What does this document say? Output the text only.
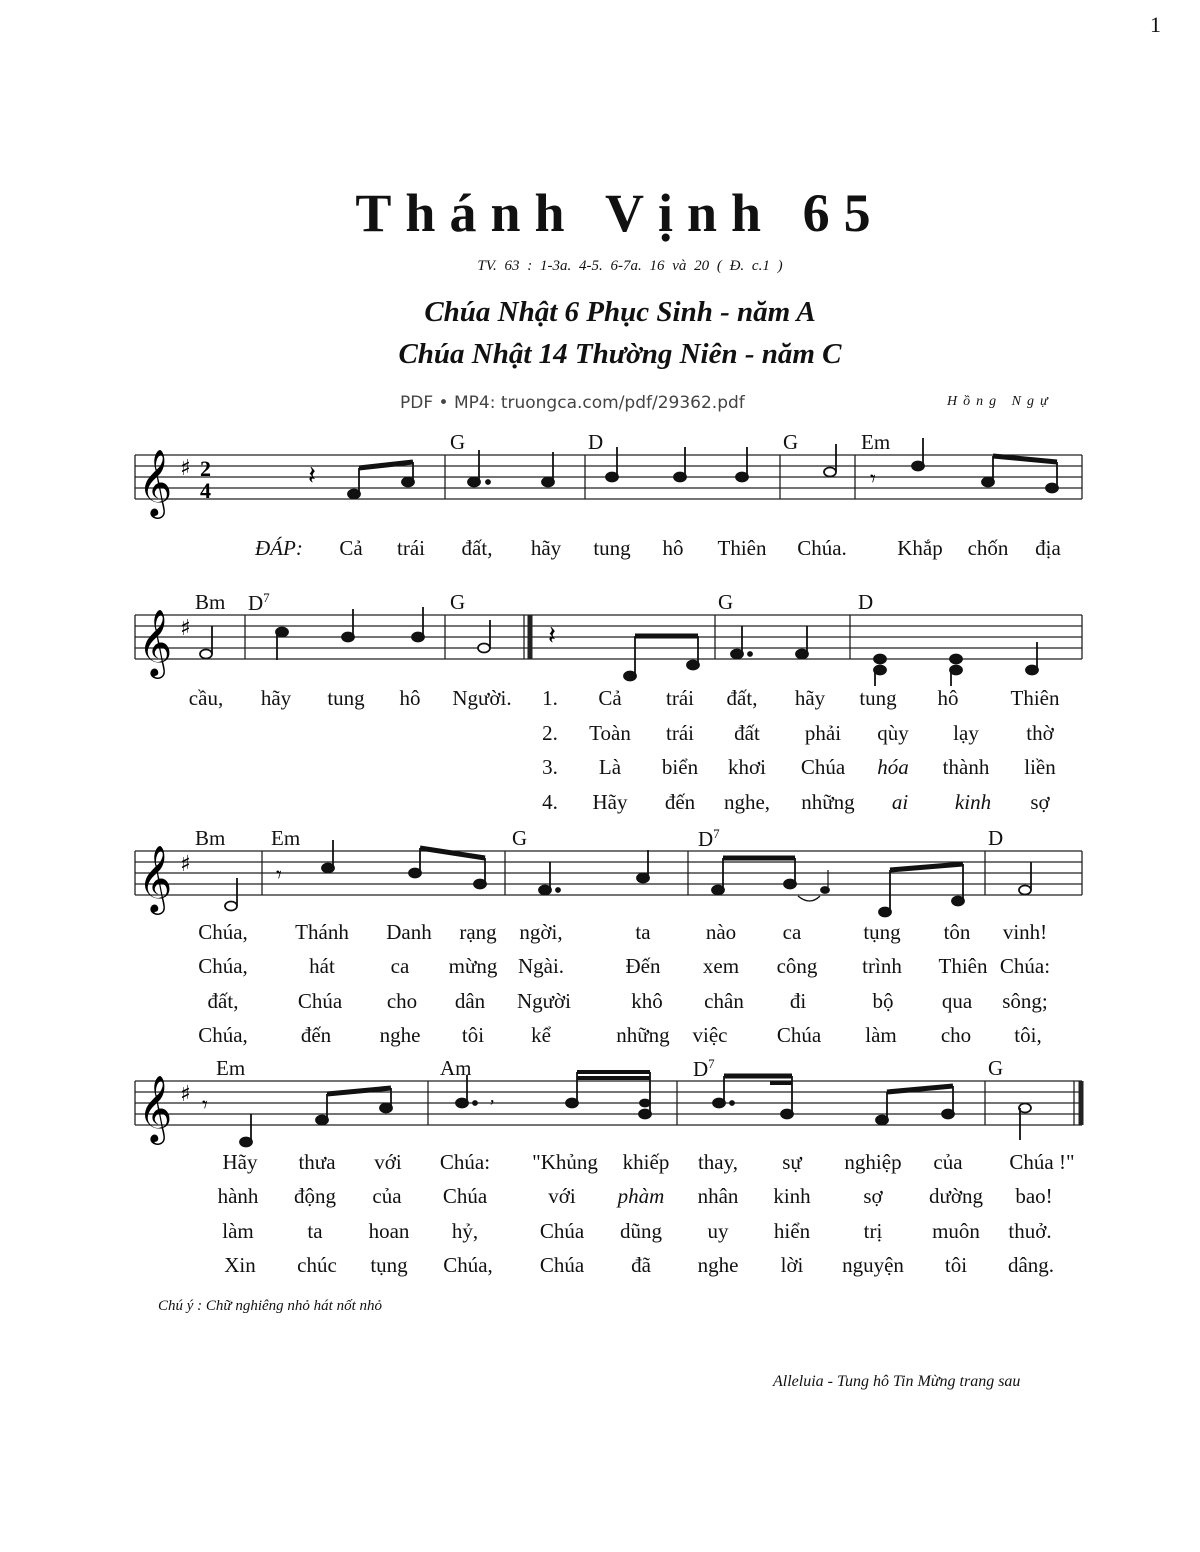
1
Thánh Vịnh 65
TV. 63 : 1-3a. 4-5. 6-7a. 16 và 20 ( Đ. c.1 )
Chúa Nhật 6 Phục Sinh - năm A
Chúa Nhật 14 Thường Niên - năm C
PDF • MP4: truongca.com/pdf/29362.pdf	Hồng Ngự
𝄞 ♯ 2
4	𝄽	𝄾
G	D	G	Em
ĐÁP: Cả trái đất, hãy tung hô Thiên Chúa. Khắp chốn địa
𝄞 ♯	𝄽
Bm $D^7$	G	G	D
cầu, hãy tung hô Người. 1. Cả trái đất, hãy tung hô Thiên
2. Toàn trái đất phải qùy lạy thờ
3. Là biển khơi Chúa hóa thành liền
4. Hãy đến nghe, những ai kinh sợ
𝄞 ♯	𝄾
Bm Em	G	$D^7$	D
Chúa, Thánh Danh rạng ngời,	ta	nào ca	tụng tôn vinh!
Chúa,	hát	ca mừng Ngài.	Đến xem công trình Thiên Chúa:
đất,	Chúa cho dân Người	khô chân đi	bộ qua sông;
Chúa,	đến nghe tôi kể	những việc Chúa làm cho tôi,
𝄞 ♯ 𝄾	,
Em	Am	$D^7$	G
Hãy thưa với Chúa: "Khủng khiếp thay, sự nghiệp của Chúa !"
hành động của Chúa	với phàm nhân kinh	sợ dường bao!
làm	ta hoan hỷ,	Chúa dũng uy hiển	trị muôn thuở.
Xin chúc tụng Chúa, Chúa đã nghe lời nguyện tôi dâng.
Chú ý : Chữ nghiêng nhỏ hát nốt nhỏ
Alleluia - Tung hô Tin Mừng trang sau
